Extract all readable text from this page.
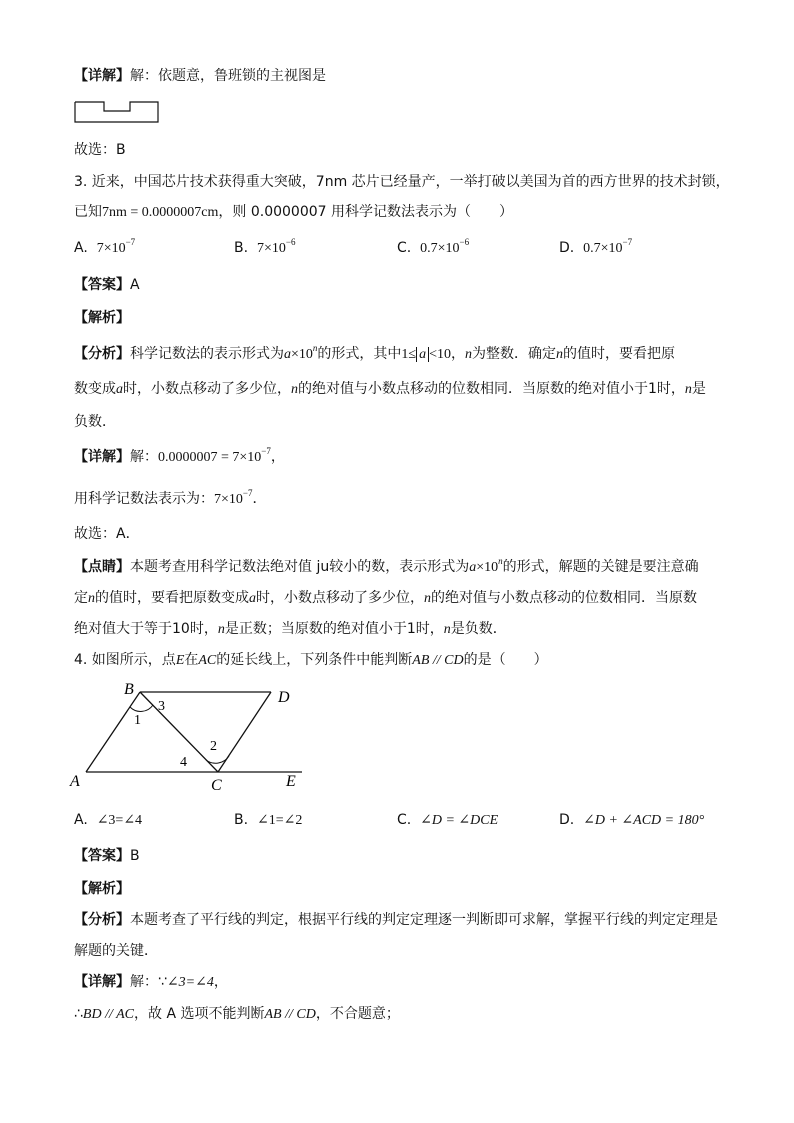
【详解】解：依题意，鲁班锁的主视图是
故选：B
3. 近来，中国芯片技术获得重大突破，7nm 芯片已经量产，一举打破以美国为首的西方世界的技术封锁，
已知7nm = 0.0000007cm，则 0.0000007 用科学记数法表示为（　　）
A. $7\times 10^{-7}$	B. $7\times 10^{-6}$	C. $0.7\times 10^{-6}$	D. $0.7\times 10^{-7}$
【答案】A
【解析】
【分析】科学记数法的表示形式为$a\times 10^n$的形式，其中1≤ a <10，n为整数．确定n的值时，要看把原
数变成a时，小数点移动了多少位，n的绝对值与小数点移动的位数相同．当原数的绝对值小于1时，n是
负数．
【详解】解：$0.0000007 = 7\times 10^{-7}$，
用科学记数法表示为：$7\times 10^{-7}$．
故选：A．
【点睛】本题考查用科学记数法绝对值 ju较小的数，表示形式为$a\times 10^n$的形式，解题的关键是要注意确
定n的值时，要看把原数变成a时，小数点移动了多少位，n的绝对值与小数点移动的位数相同．当原数
绝对值大于等于10时，n是正数；当原数的绝对值小于1时，n是负数．
4. 如图所示，点E在AC的延长线上，下列条件中能判断AB // CD的是（　　）
B	D
A	C	E
1
3
2
4
A. ∠3=∠4	B. ∠1=∠2	C. ∠D = ∠DCE	D. ∠D + ∠ACD = 180°
【答案】B
【解析】
【分析】本题考查了平行线的判定，根据平行线的判定定理逐一判断即可求解，掌握平行线的判定定理是
解题的关键．
【详解】解：∵∠3=∠4，
∴BD // AC，故 A 选项不能判断AB // CD，不合题意；
